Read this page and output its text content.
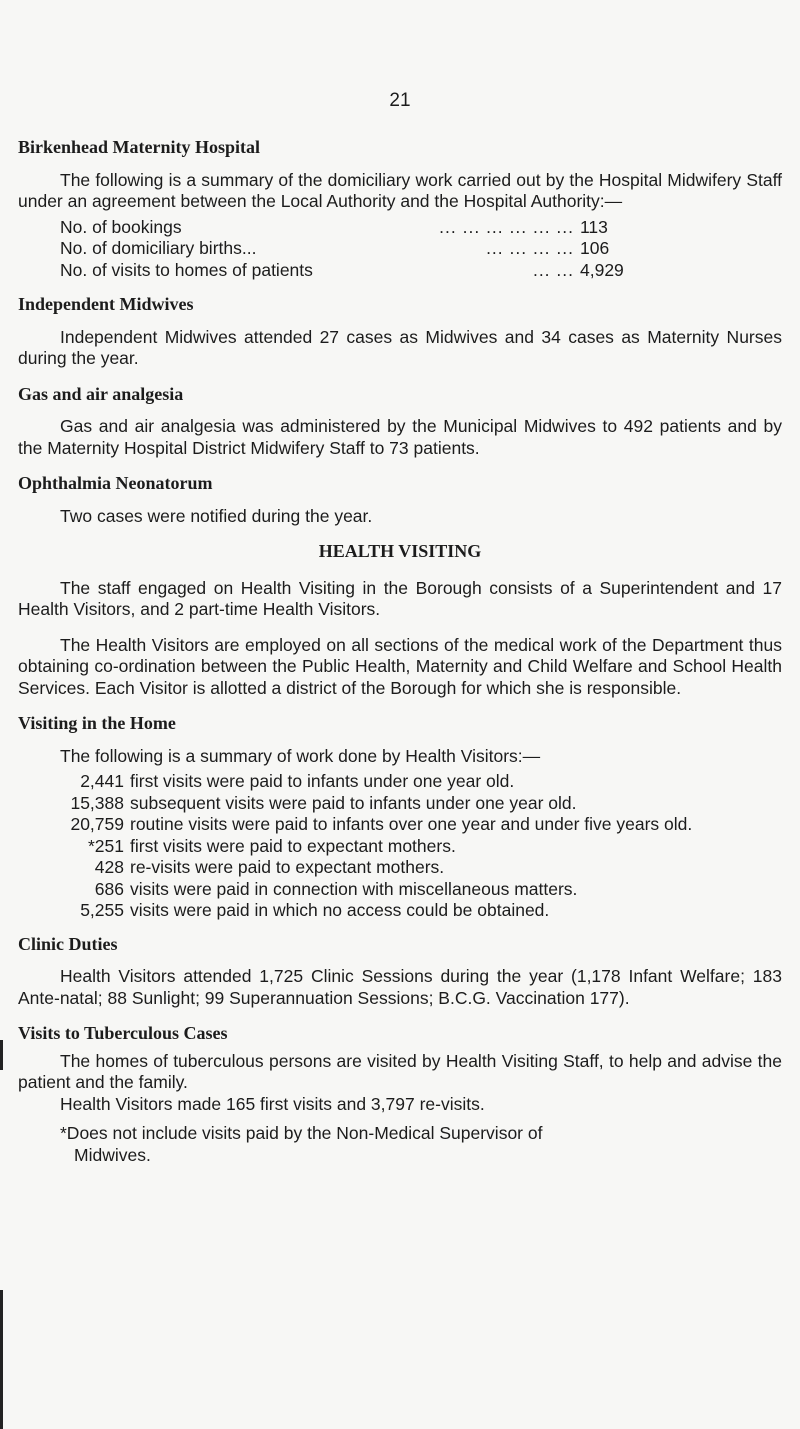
21
Birkenhead Maternity Hospital

The following is a summary of the domiciliary work carried out by the Hospital Midwifery Staff under an agreement between the Local Authority and the Hospital Authority:—

No. of bookings	... ... ... ... ... ... 113
No. of domiciliary births...	... ... ... ... 106
No. of visits to homes of patients	... ... 4,929
Independent Midwives

Independent Midwives attended 27 cases as Midwives and 34 cases as Maternity Nurses during the year.

Gas and air analgesia

Gas and air analgesia was administered by the Municipal Midwives to 492 patients and by the Maternity Hospital District Midwifery Staff to 73 patients.

Ophthalmia Neonatorum

Two cases were notified during the year.

HEALTH VISITING

The staff engaged on Health Visiting in the Borough consists of a Superintendent and 17 Health Visitors, and 2 part-time Health Visitors.

The Health Visitors are employed on all sections of the medical work of the Department thus obtaining co-ordination between the Public Health, Maternity and Child Welfare and School Health Services. Each Visitor is allotted a district of the Borough for which she is responsible.

Visiting in the Home

The following is a summary of work done by Health Visitors:—

2,441 first visits were paid to infants under one year old.
15,388 subsequent visits were paid to infants under one year old.
20,759 routine visits were paid to infants over one year and under five years old.
*251 first visits were paid to expectant mothers.
428 re-visits were paid to expectant mothers.
686 visits were paid in connection with miscellaneous matters.
5,255 visits were paid in which no access could be obtained.
Clinic Duties

Health Visitors attended 1,725 Clinic Sessions during the year (1,178 Infant Welfare; 183 Ante-natal; 88 Sunlight; 99 Superannuation Sessions; B.C.G. Vaccination 177).

Visits to Tuberculous Cases

The homes of tuberculous persons are visited by Health Visiting Staff, to help and advise the patient and the family.

Health Visitors made 165 first visits and 3,797 re-visits.
*Does not include visits paid by the Non-Medical Supervisor of
Midwives.
